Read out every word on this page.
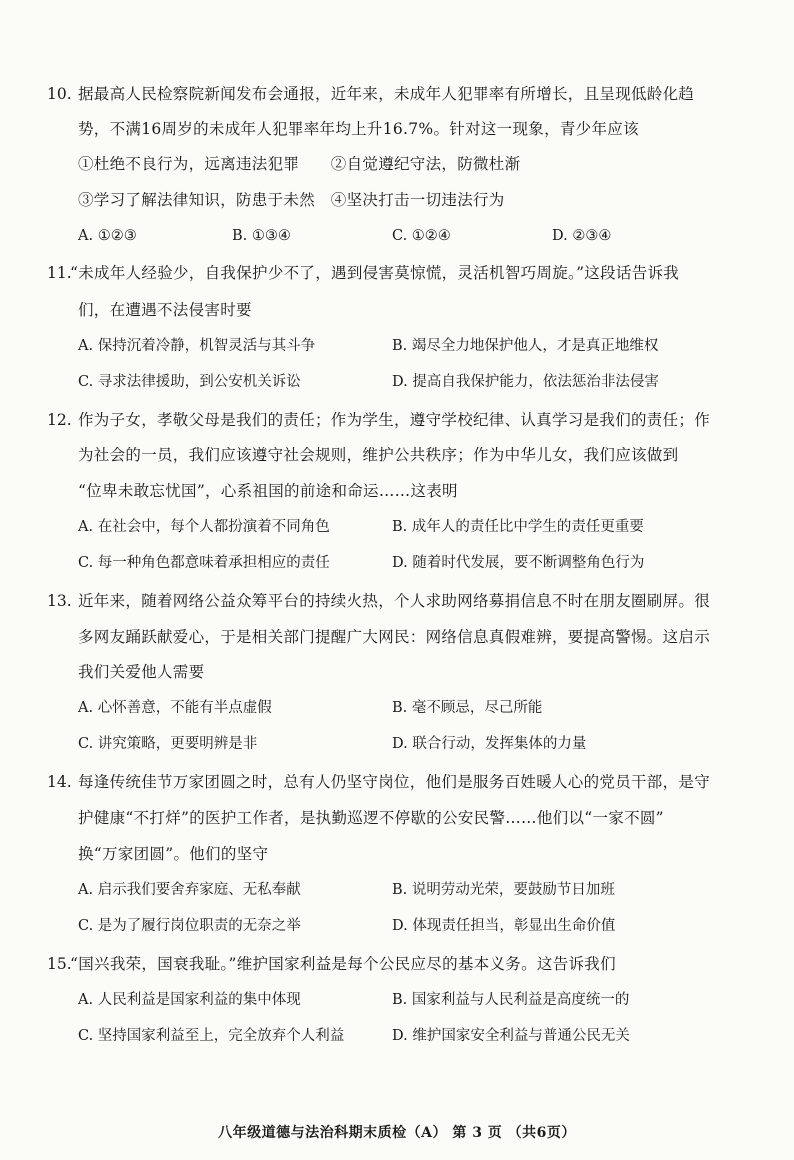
10. 据最高人民检察院新闻发布会通报，近年来，未成年人犯罪率有所增长，且呈现低龄化趋
势，不满16周岁的未成年人犯罪率年均上升16.7%。针对这一现象，青少年应该
①杜绝不良行为，远离违法犯罪　　②自觉遵纪守法，防微杜渐
③学习了解法律知识，防患于未然　④坚决打击一切违法行为
A. ①②③	B. ①③④	C. ①②④	D. ②③④
11.
“未成年人经验少，自我保护少不了，遇到侵害莫惊慌，灵活机智巧周旋。”这段话告诉我
们，在遭遇不法侵害时要
A. 保持沉着冷静，机智灵活与其斗争	B. 竭尽全力地保护他人，才是真正地维权
C. 寻求法律援助，到公安机关诉讼	D. 提高自我保护能力，依法惩治非法侵害
12. 作为子女，孝敬父母是我们的责任；作为学生，遵守学校纪律、认真学习是我们的责任；作
为社会的一员，我们应该遵守社会规则，维护公共秩序；作为中华儿女，我们应该做到
“位卑未敢忘忧国”，心系祖国的前途和命运……这表明
A. 在社会中，每个人都扮演着不同角色	B. 成年人的责任比中学生的责任更重要
C. 每一种角色都意味着承担相应的责任	D. 随着时代发展，要不断调整角色行为
13. 近年来，随着网络公益众筹平台的持续火热，个人求助网络募捐信息不时在朋友圈刷屏。很
多网友踊跃献爱心，于是相关部门提醒广大网民：网络信息真假难辨，要提高警惕。这启示
我们关爱他人需要
A. 心怀善意，不能有半点虚假	B. 毫不顾忌，尽己所能
C. 讲究策略，更要明辨是非	D. 联合行动，发挥集体的力量
14. 每逢传统佳节万家团圆之时，总有人仍坚守岗位，他们是服务百姓暖人心的党员干部，是守
护健康“不打烊”的医护工作者，是执勤巡逻不停歇的公安民警……他们以“一家不圆”
换“万家团圆”。他们的坚守
A. 启示我们要舍弃家庭、无私奉献	B. 说明劳动光荣，要鼓励节日加班
C. 是为了履行岗位职责的无奈之举	D. 体现责任担当，彰显出生命价值
15.
“国兴我荣，国衰我耻。”维护国家利益是每个公民应尽的基本义务。这告诉我们
A. 人民利益是国家利益的集中体现	B. 国家利益与人民利益是高度统一的
C. 坚持国家利益至上，完全放弃个人利益	D. 维护国家安全利益与普通公民无关
八年级道德与法治科期末质检（A） 第 3 页 （共6页）
